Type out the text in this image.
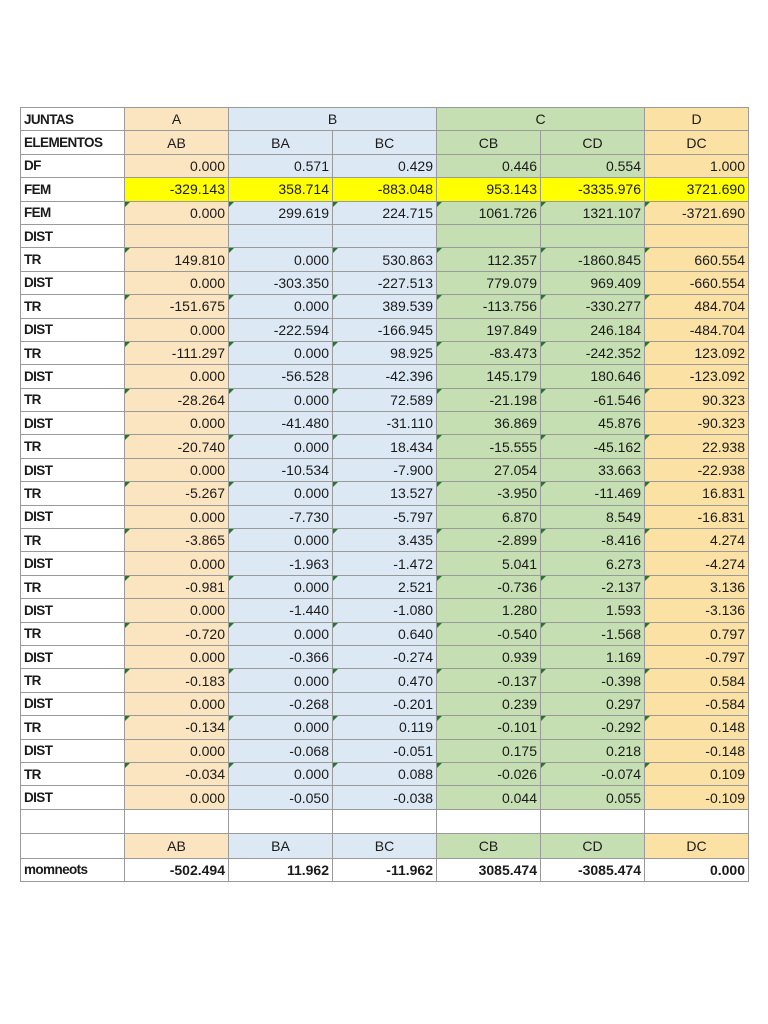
JUNTAS	A	B		C		D
ELEMENTOS	AB	BA	BC	CB	CD	DC
DF	0.000	0.571	0.429	0.446	0.554	1.000
FEM	-329.143	358.714	-883.048	953.143	-3335.976	3721.690
FEM	0.000	299.619	224.715	1061.726	1321.107	-3721.690
DIST						
TR	149.810	0.000	530.863	112.357	-1860.845	660.554
DIST	0.000	-303.350	-227.513	779.079	969.409	-660.554
TR	-151.675	0.000	389.539	-113.756	-330.277	484.704
DIST	0.000	-222.594	-166.945	197.849	246.184	-484.704
TR	-111.297	0.000	98.925	-83.473	-242.352	123.092
DIST	0.000	-56.528	-42.396	145.179	180.646	-123.092
TR	-28.264	0.000	72.589	-21.198	-61.546	90.323
DIST	0.000	-41.480	-31.110	36.869	45.876	-90.323
TR	-20.740	0.000	18.434	-15.555	-45.162	22.938
DIST	0.000	-10.534	-7.900	27.054	33.663	-22.938
TR	-5.267	0.000	13.527	-3.950	-11.469	16.831
DIST	0.000	-7.730	-5.797	6.870	8.549	-16.831
TR	-3.865	0.000	3.435	-2.899	-8.416	4.274
DIST	0.000	-1.963	-1.472	5.041	6.273	-4.274
TR	-0.981	0.000	2.521	-0.736	-2.137	3.136
DIST	0.000	-1.440	-1.080	1.280	1.593	-3.136
TR	-0.720	0.000	0.640	-0.540	-1.568	0.797
DIST	0.000	-0.366	-0.274	0.939	1.169	-0.797
TR	-0.183	0.000	0.470	-0.137	-0.398	0.584
DIST	0.000	-0.268	-0.201	0.239	0.297	-0.584
TR	-0.134	0.000	0.119	-0.101	-0.292	0.148
DIST	0.000	-0.068	-0.051	0.175	0.218	-0.148
TR	-0.034	0.000	0.088	-0.026	-0.074	0.109
DIST	0.000	-0.050	-0.038	0.044	0.055	-0.109

	AB	BA	BC	CB	CD	DC
momneots	-502.494	11.962	-11.962	3085.474	-3085.474	0.000
